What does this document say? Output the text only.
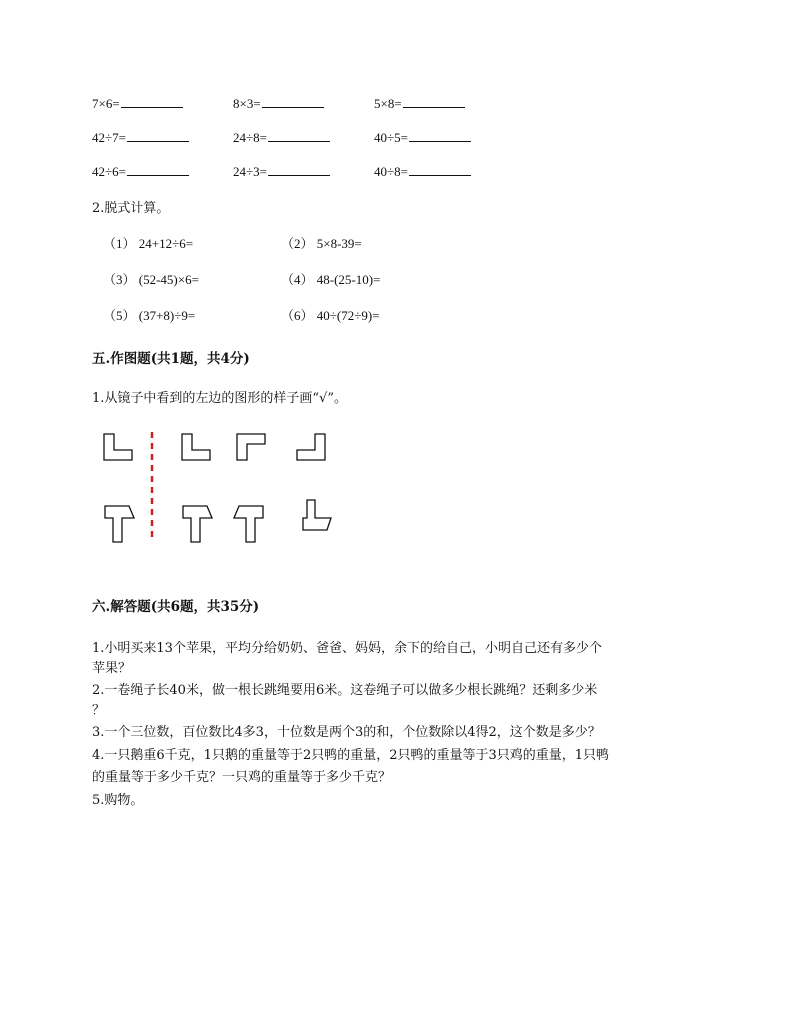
7×6=	8×3=	5×8=
42÷7=	24÷8=	40÷5=
42÷6=	24÷3=	40÷8=
2.脱式计算。
（1） 24+12÷6=	（2） 5×8-39=
（3） (52-45)×6=	（4） 48-(25-10)=
（5） (37+8)÷9=	（6） 40÷(72÷9)=
五.作图题(共1题，共4分)
1.从镜子中看到的左边的图形的样子画“√”。
六.解答题(共6题，共35分)
1.小明买来13个苹果，平均分给奶奶、爸爸、妈妈，余下的给自己，小明自己还有多少个
苹果？
2.一卷绳子长40米，做一根长跳绳要用6米。这卷绳子可以做多少根长跳绳？还剩多少米
？
3.一个三位数，百位数比4多3，十位数是两个3的和，个位数除以4得2，这个数是多少？
4.一只鹅重6千克，1只鹅的重量等于2只鸭的重量，2只鸭的重量等于3只鸡的重量，1只鸭
的重量等于多少千克？一只鸡的重量等于多少千克？
5.购物。
